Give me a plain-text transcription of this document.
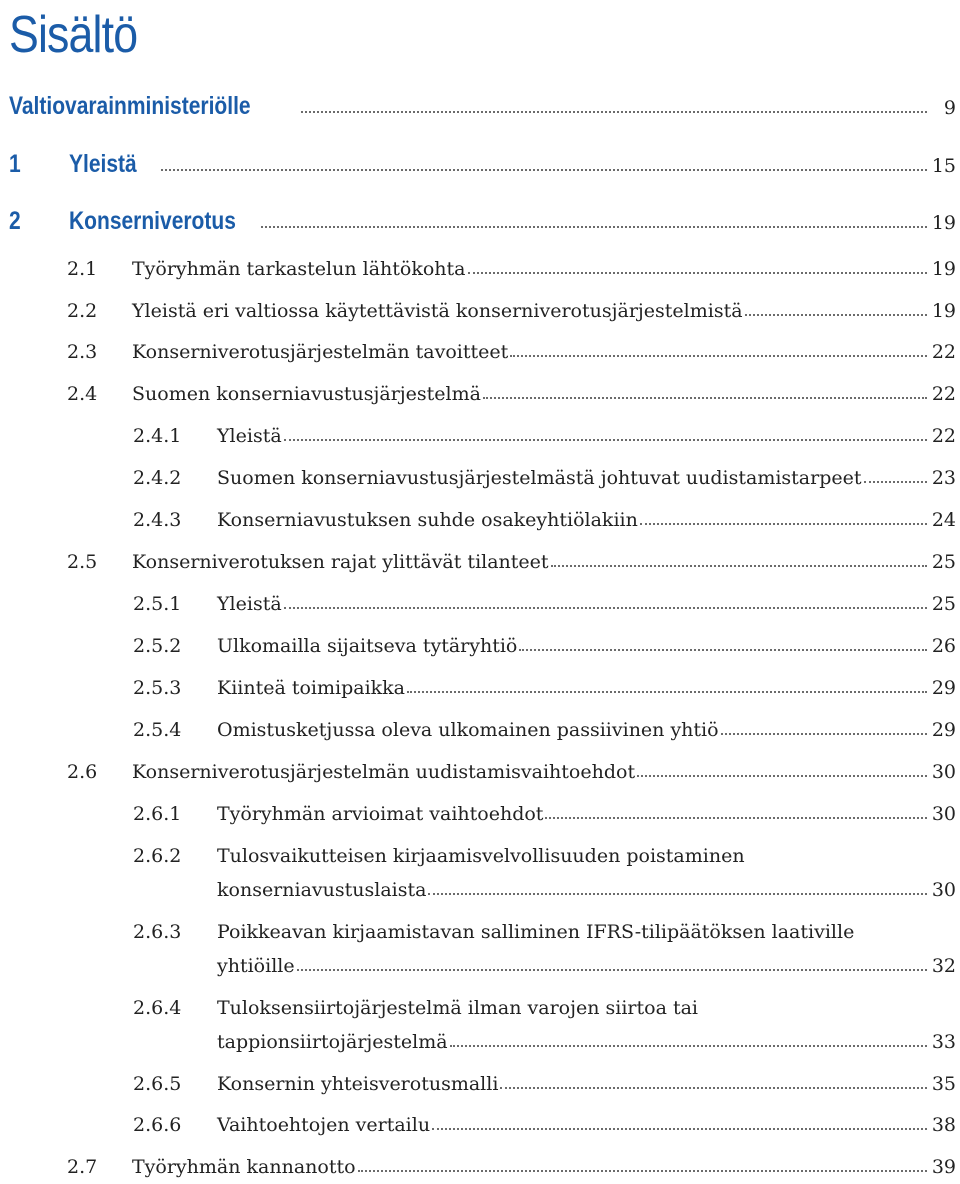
Sisältö
Valtiovarainministeriölle	9
1	Yleistä	15
2	Konserniverotus	19
2.1 Työryhmän tarkastelun lähtökohta	19
2.2 Yleistä eri valtiossa käytettävistä konserniverotusjärjestelmistä	19
2.3 Konserniverotusjärjestelmän tavoitteet	22
2.4 Suomen konserniavustusjärjestelmä	22
2.4.1 Yleistä	22
2.4.2 Suomen konserniavustusjärjestelmästä johtuvat uudistamistarpeet	23
2.4.3 Konserniavustuksen suhde osakeyhtiölakiin	24
2.5 Konserniverotuksen rajat ylittävät tilanteet	25
2.5.1 Yleistä	25
2.5.2 Ulkomailla sijaitseva tytäryhtiö	26
2.5.3 Kiinteä toimipaikka	29
2.5.4 Omistusketjussa oleva ulkomainen passiivinen yhtiö	29
2.6 Konserniverotusjärjestelmän uudistamisvaihtoehdot	30
2.6.1 Työryhmän arvioimat vaihtoehdot	30
2.6.2 Tulosvaikutteisen kirjaamisvelvollisuuden poistaminen
konserniavustuslaista	30
2.6.3 Poikkeavan kirjaamistavan salliminen IFRS-tilipäätöksen laativille
yhtiöille	32
2.6.4 Tuloksensiirtojärjestelmä ilman varojen siirtoa tai
tappionsiirtojärjestelmä	33
2.6.5 Konsernin yhteisverotusmalli	35
2.6.6 Vaihtoehtojen vertailu	38
2.7 Työryhmän kannanotto	39
